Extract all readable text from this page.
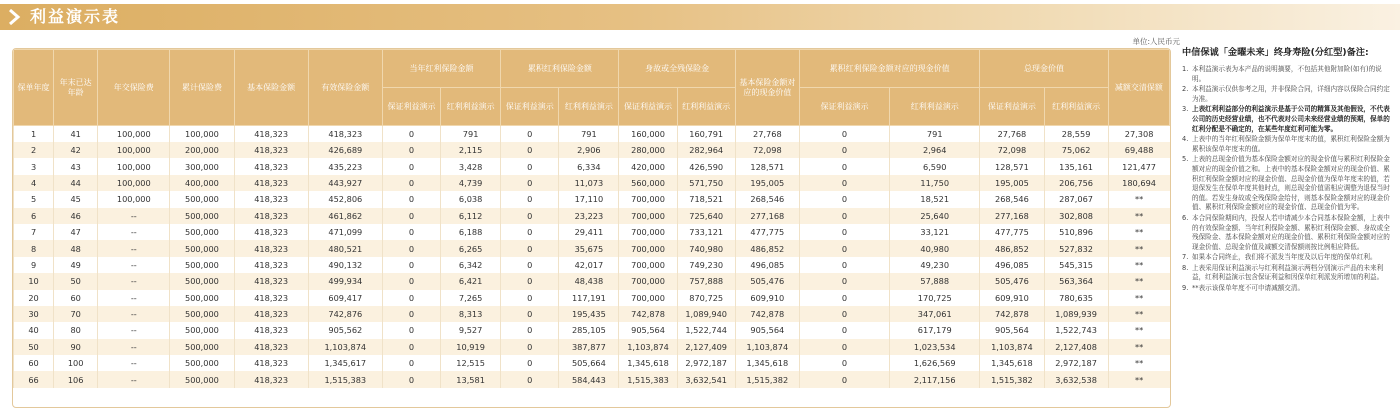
利益演示表
单位:人民币元
保单年度	年末已达年龄	年交保险费	累计保险费	基本保险金额	有效保险金额	当年红利保险金额		累积红利保险金额		身故或全残保险金		基本保险金额对应的现金价值	累积红利保险金额对应的现金价值		总现金价值		减额交清保额
						保证利益演示	红利利益演示	保证利益演示	红利利益演示	保证利益演示	红利利益演示		保证利益演示	红利利益演示	保证利益演示	红利利益演示	
1	41	100,000	100,000	418,323	418,323	0	791	0	791	160,000	160,791	27,768	0	791	27,768	28,559	27,308
2	42	100,000	200,000	418,323	426,689	0	2,115	0	2,906	280,000	282,964	72,098	0	2,964	72,098	75,062	69,488
3	43	100,000	300,000	418,323	435,223	0	3,428	0	6,334	420,000	426,590	128,571	0	6,590	128,571	135,161	121,477
4	44	100,000	400,000	418,323	443,927	0	4,739	0	11,073	560,000	571,750	195,005	0	11,750	195,005	206,756	180,694
5	45	100,000	500,000	418,323	452,806	0	6,038	0	17,110	700,000	718,521	268,546	0	18,521	268,546	287,067	**
6	46	--	500,000	418,323	461,862	0	6,112	0	23,223	700,000	725,640	277,168	0	25,640	277,168	302,808	**
7	47	--	500,000	418,323	471,099	0	6,188	0	29,411	700,000	733,121	477,775	0	33,121	477,775	510,896	**
8	48	--	500,000	418,323	480,521	0	6,265	0	35,675	700,000	740,980	486,852	0	40,980	486,852	527,832	**
9	49	--	500,000	418,323	490,132	0	6,342	0	42,017	700,000	749,230	496,085	0	49,230	496,085	545,315	**
10	50	--	500,000	418,323	499,934	0	6,421	0	48,438	700,000	757,888	505,476	0	57,888	505,476	563,364	**
20	60	--	500,000	418,323	609,417	0	7,265	0	117,191	700,000	870,725	609,910	0	170,725	609,910	780,635	**
30	70	--	500,000	418,323	742,876	0	8,313	0	195,435	742,878	1,089,940	742,878	0	347,061	742,878	1,089,939	**
40	80	--	500,000	418,323	905,562	0	9,527	0	285,105	905,564	1,522,744	905,564	0	617,179	905,564	1,522,743	**
50	90	--	500,000	418,323	1,103,874	0	10,919	0	387,877	1,103,874	2,127,409	1,103,874	0	1,023,534	1,103,874	2,127,408	**
60	100	--	500,000	418,323	1,345,617	0	12,515	0	505,664	1,345,618	2,972,187	1,345,618	0	1,626,569	1,345,618	2,972,187	**
66	106	--	500,000	418,323	1,515,383	0	13,581	0	584,443	1,515,383	3,632,541	1,515,382	0	2,117,156	1,515,382	3,632,538	**
中信保诚「金曜未来」终身寿险(分红型)备注:
1. 本利益演示表为本产品的说明摘要，不包括其他附加险(如有)的说明。
2. 本利益演示仅供参考之用，并非保险合同，详细内容以保险合同约定为准。
3. 上表红利利益部分的利益演示是基于公司的精算及其他假设，不代表公司的历史经营业绩，也不代表对公司未来经营业绩的预期，保单的红利分配是不确定的，在某些年度红利可能为零。
4. 上表中的当年红利保险金额为保单年度末的值，累积红利保险金额为累积该保单年度末的值。
5. 上表的总现金价值为基本保险金额对应的现金价值与累积红利保险金额对应的现金价值之和。上表中的基本保险金额对应的现金价值、累积红利保险金额对应的现金价值、总现金价值为保单年度末的值，若退保发生在保单年度其他时点，则总现金价值需相应调整为退保当时的值。若发生身故或全残保险金给付，则基本保险金额对应的现金价值、累积红利保险金额对应的现金价值、总现金价值为零。
6. 本合同保险期间内，投保人若申请减少本合同基本保险金额，上表中的有效保险金额、当年红利保险金额、累积红利保险金额、身故或全残保险金、基本保险金额对应的现金价值、累积红利保险金额对应的现金价值、总现金价值及减额交清保额则按比例相应降低。
7. 如果本合同终止，我们将不派发当年度及以后年度的保单红利。
8. 上表采用保证利益演示与红利利益演示两档分别演示产品的未来利益，红利利益演示包含保证利益和因保单红利派发所增加的利益。
9. **表示该保单年度不可申请减额交清。
